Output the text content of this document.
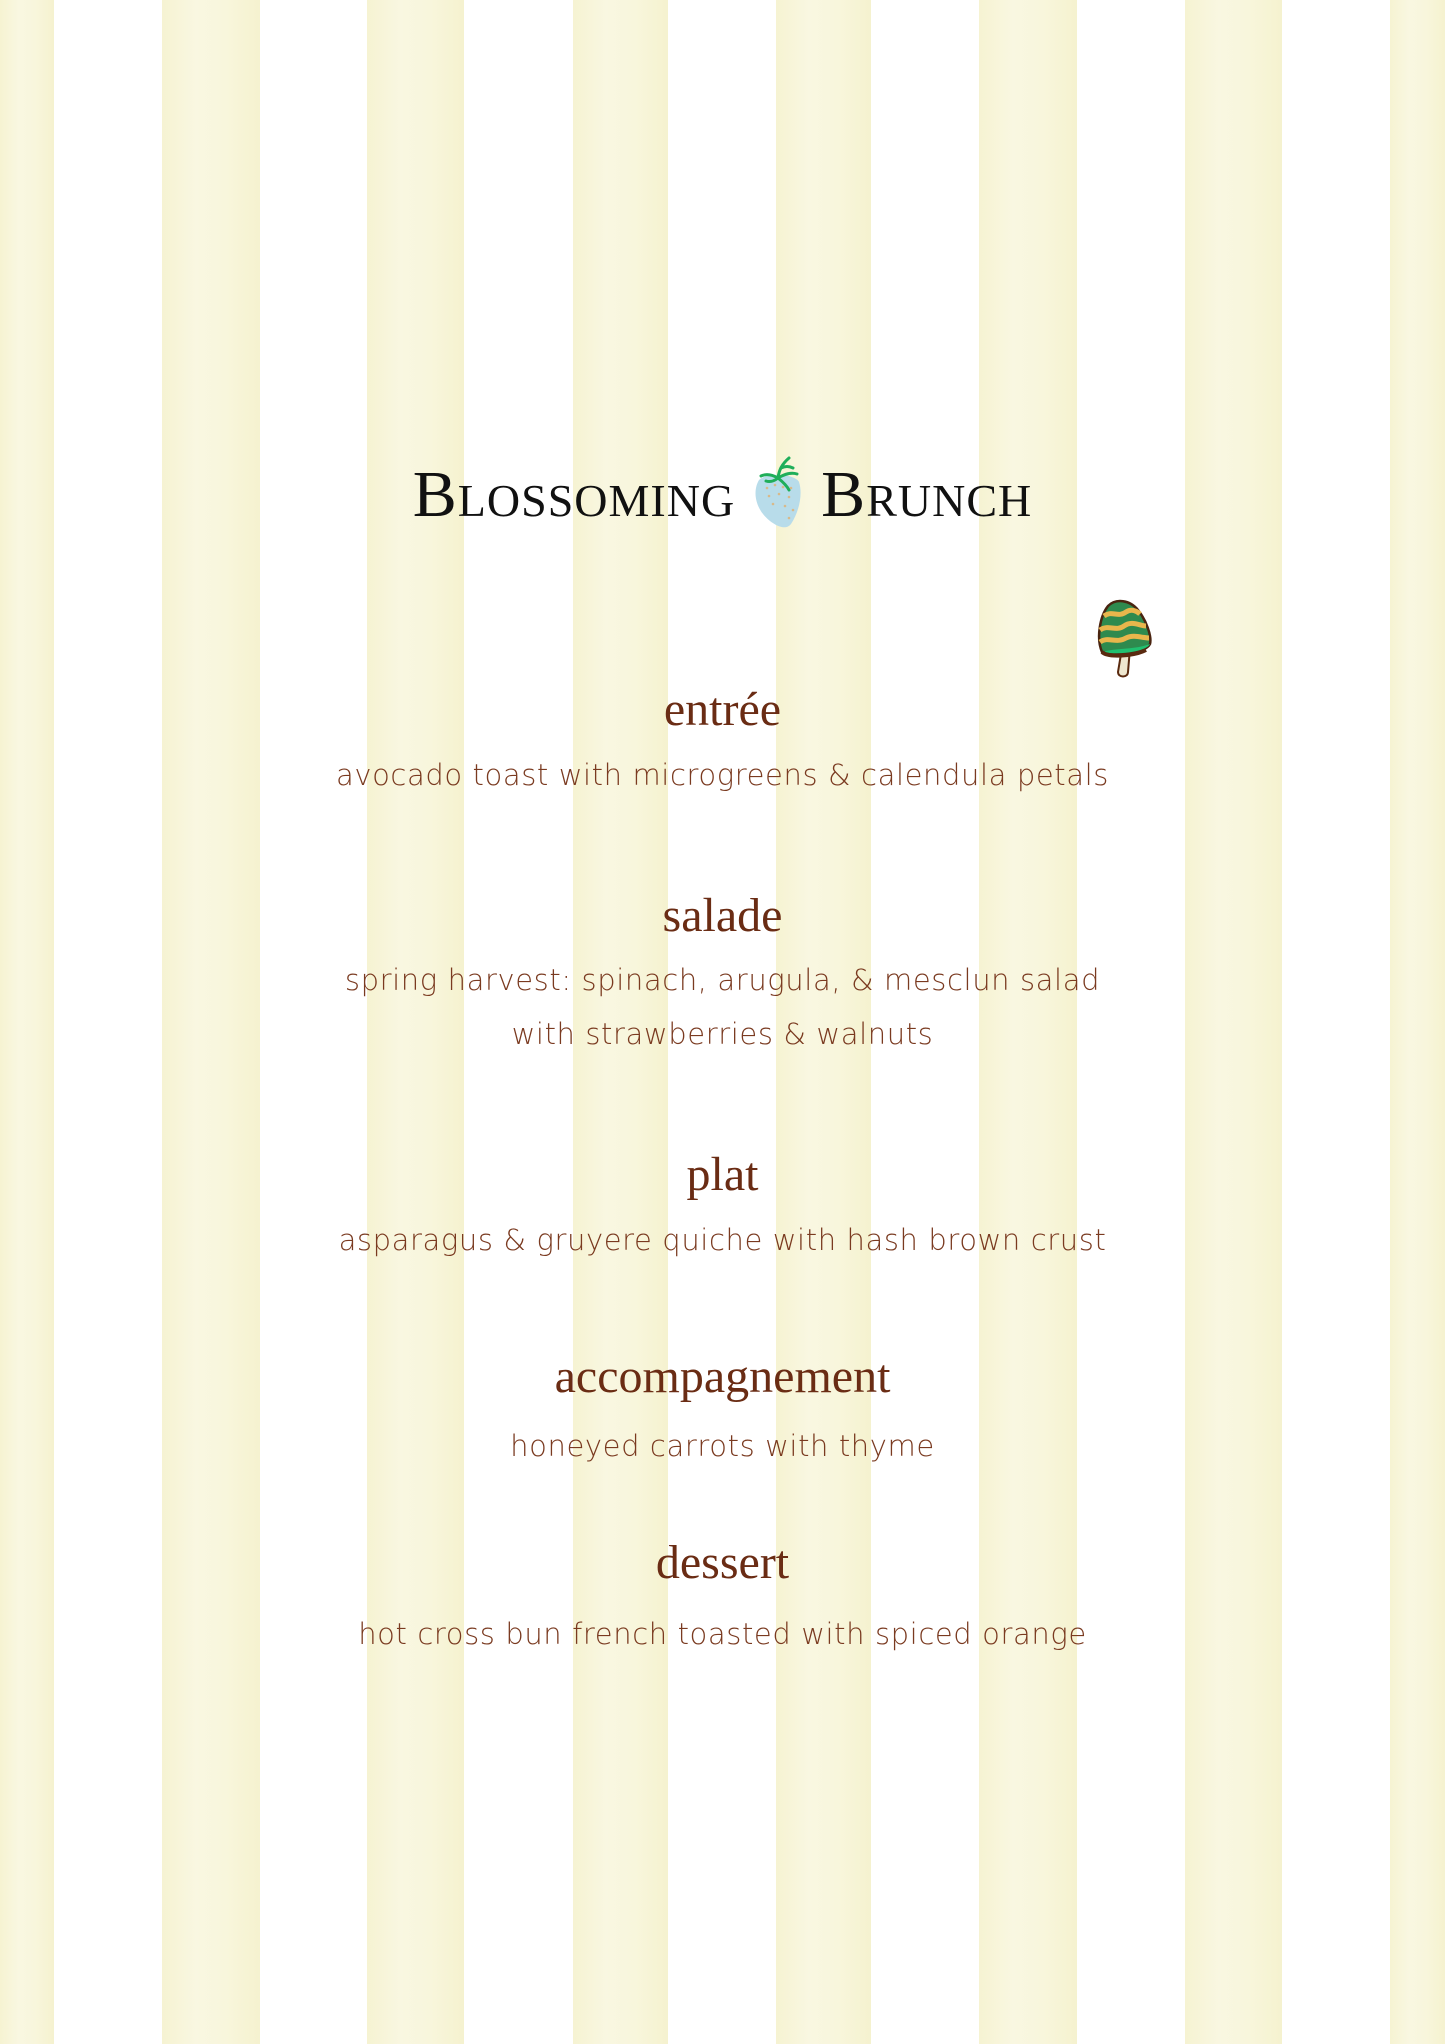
Blossoming Brunch
entrée
avocado toast with microgreens & calendula petals
salade
spring harvest: spinach, arugula, & mesclun salad
with strawberries & walnuts
plat
asparagus & gruyere quiche with hash brown crust
accompagnement
honeyed carrots with thyme
dessert
hot cross bun french toasted with spiced orange
